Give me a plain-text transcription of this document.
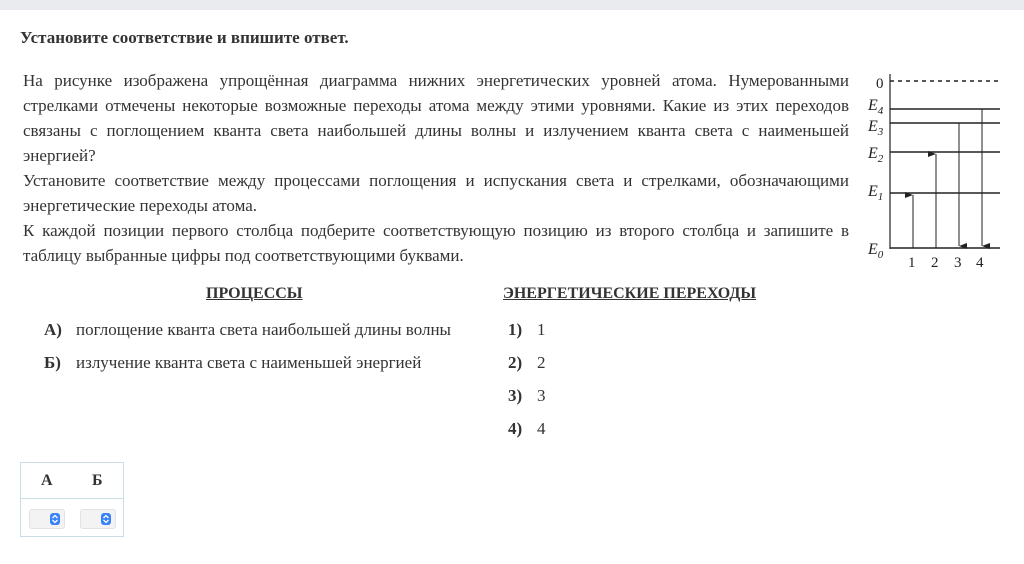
Установите соответствие и впишите ответ.

На рисунке изображена упрощённая диаграмма нижних энергетических уровней атома. Нумерованными стрелками отмечены некоторые возможные переходы атома между этими уровнями. Какие из этих переходов связаны с поглощением кванта света наибольшей длины волны и излучением кванта света с наименьшей энергией?

Установите соответствие между процессами поглощения и испускания света и стрелками, обозначающими энергетические переходы атома.

К каждой позиции первого столбца подберите соответствующую позицию из второго столбца и запишите в таблицу выбранные цифры под соответствующими буквами.

0
$E_4$
$E_3$
$E_2$
$E_1$
$E_0$ 1 2 3 4
ПРОЦЕССЫ	ЭНЕРГЕТИЧЕСКИЕ ПЕРЕХОДЫ
А) поглощение кванта света наибольшей длины волны
Б) излучение кванта света с наименьшей энергией
1) 1
2) 2
3) 3
4) 4
А Б
